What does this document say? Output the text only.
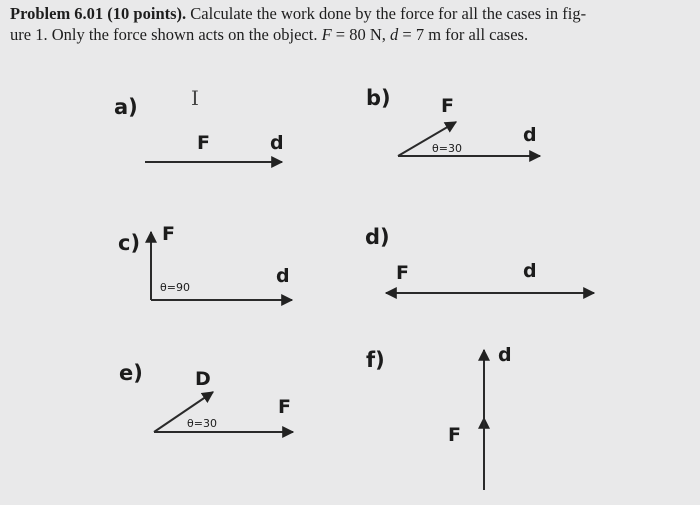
Problem 6.01 (10 points). Calculate the work done by the force for all the cases in fig-
ure 1. Only the force shown acts on the object. F = 80 N, d = 7 m for all cases.
a)	I
F	d
b)	F
d
θ=30
c) F
d
θ=90
d)
F	d
e)	D
F
θ=30
f)	d
F
